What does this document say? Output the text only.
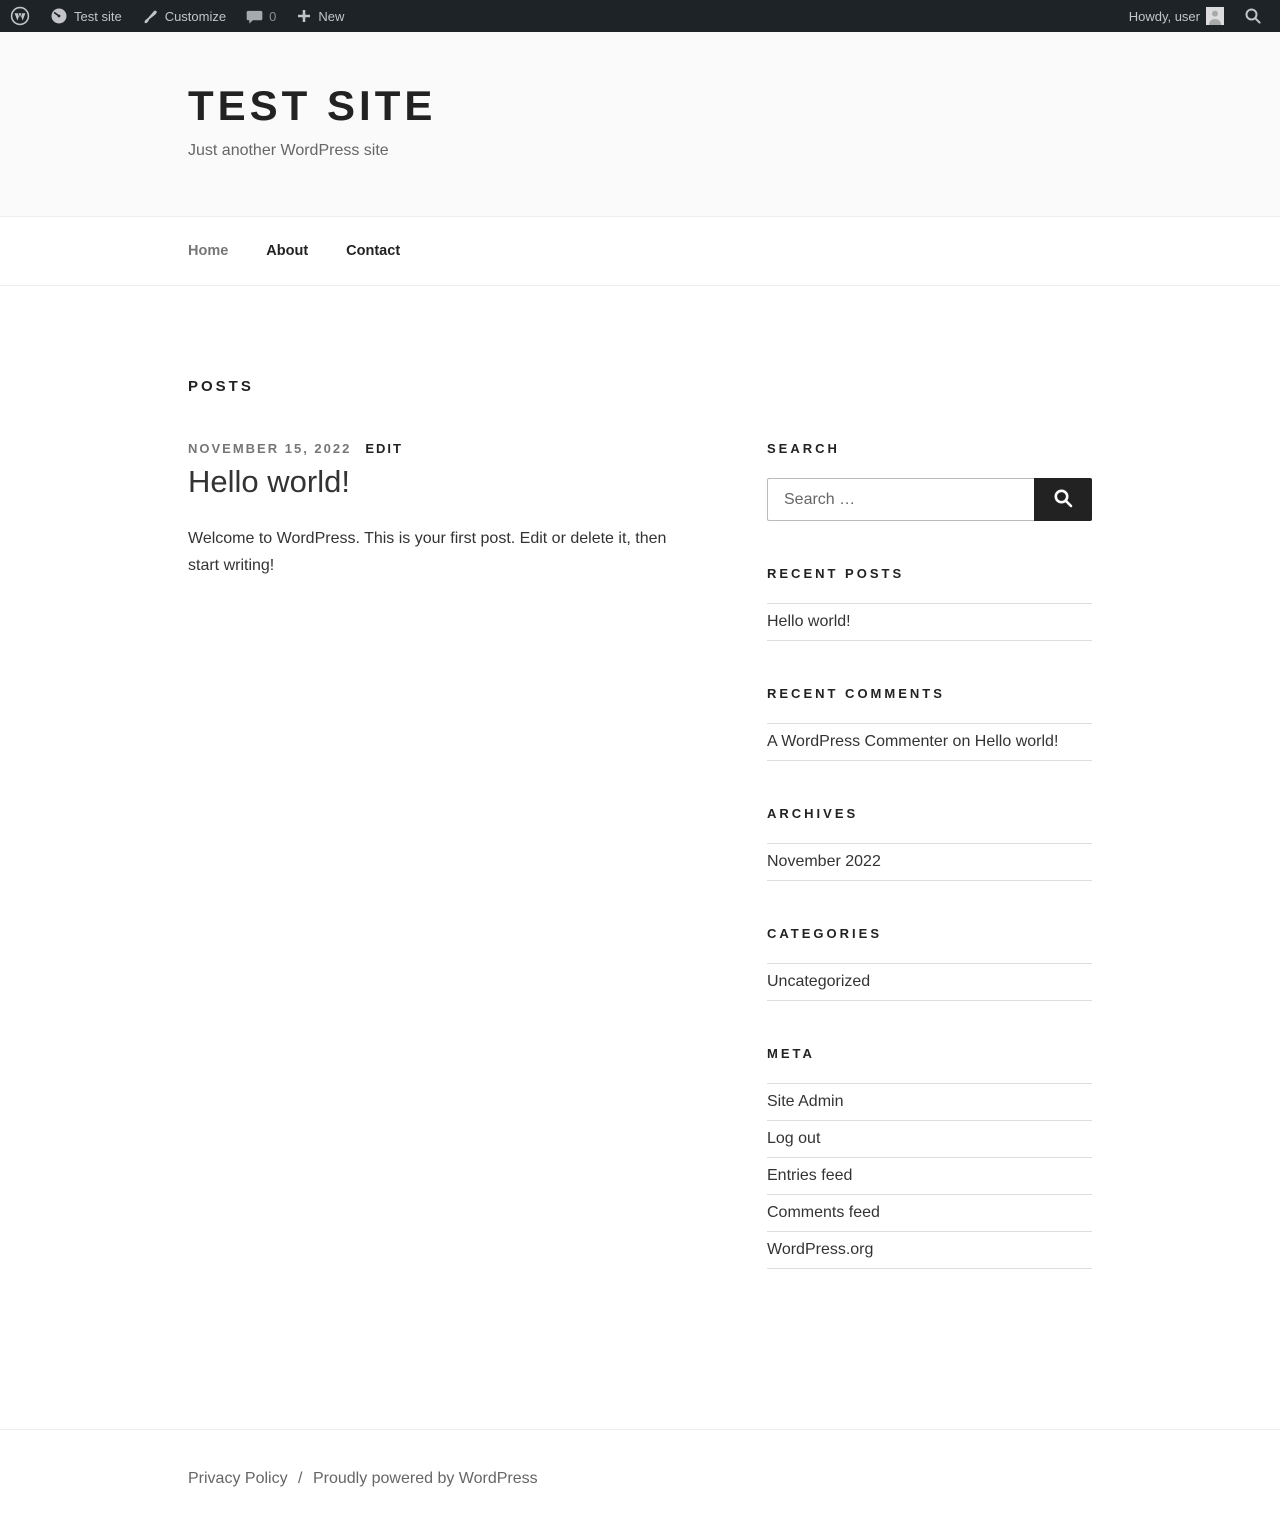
Test site	Customize	0	New	Howdy, user
TEST SITE
Just another WordPress site
Home	About	Contact
POSTS
NOVEMBER 15, 2022 EDIT
Hello world!

Welcome to WordPress. This is your first post. Edit or delete it, then start writing!

SEARCH
Search …
RECENT POSTS
Hello world!
RECENT COMMENTS
A WordPress Commenter on Hello world!
ARCHIVES
November 2022
CATEGORIES
Uncategorized
META
Site Admin
Log out
Entries feed
Comments feed
WordPress.org
Privacy Policy / Proudly powered by WordPress
